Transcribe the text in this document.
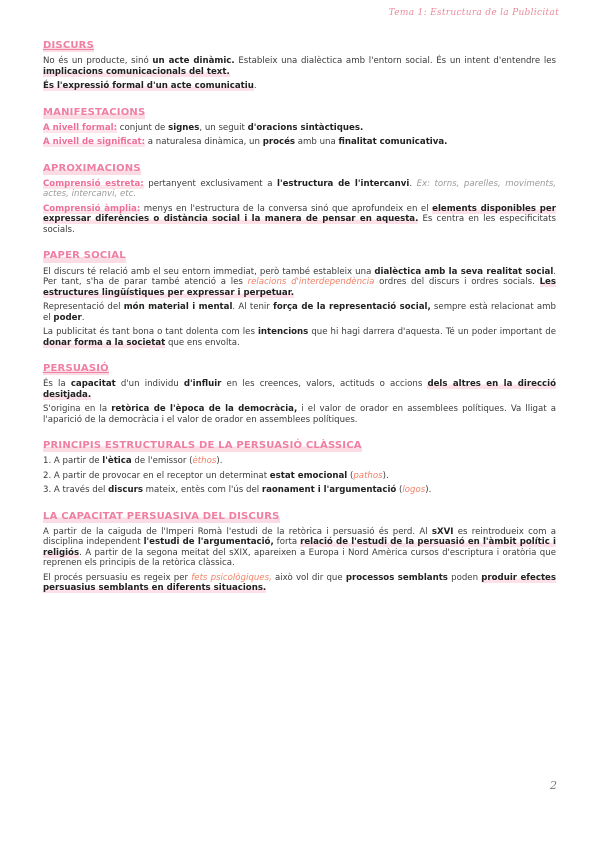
Tema 1: Estructura de la Publicitat
DISCURS

No és un producte, sinó un acte dinàmic. Estableix una dialèctica amb l'entorn social. És un intent d'entendre les implicacions comunicacionals del text.

És l'expressió formal d'un acte comunicatiu.

MANIFESTACIONS

A nivell formal: conjunt de signes, un seguit d'oracions sintàctiques.

A nivell de significat: a naturalesa dinàmica, un procés amb una finalitat comunicativa.

APROXIMACIONS

Comprensió estreta: pertanyent exclusivament a l'estructura de l'intercanvi. Ex: torns, parelles, moviments, actes, intercanvi, etc.

Comprensió àmplia: menys en l'estructura de la conversa sinó que aprofundeix en el elements disponibles per expressar diferències o distància social i la manera de pensar en aquesta. Es centra en les especificitats socials.

PAPER SOCIAL

El discurs té relació amb el seu entorn immediat, però també estableix una dialèctica amb la seva realitat social. Per tant, s'ha de parar també atenció a les relacions d'interdependència ordres del discurs i ordres socials. Les estructures lingüístiques per expressar i perpetuar.

Representació del món material i mental. Al tenir força de la representació social, sempre està relacionat amb el poder.

La publicitat és tant bona o tant dolenta com les intencions que hi hagi darrera d'aquesta. Té un poder important de donar forma a la societat que ens envolta.

PERSUASIÓ

És la capacitat d'un individu d'influir en les creences, valors, actituds o accions dels altres en la direcció desitjada.

S'origina en la retòrica de l'època de la democràcia, i el valor de orador en assemblees polítiques. Va lligat a l'aparició de la democràcia i el valor de orador en assemblees polítiques.

PRINCIPIS ESTRUCTURALS DE LA PERSUASIÓ CLÀSSICA

1. A partir de l'ètica de l'emissor (èthos).

2. A partir de provocar en el receptor un determinat estat emocional (pathos).

3. A través del discurs mateix, entès com l'ús del raonament i l'argumentació (logos).

LA CAPACITAT PERSUASIVA DEL DISCURS

A partir de la caiguda de l'Imperi Romà l'estudi de la retòrica i persuasió és perd. Al sXVI es reintrodueix com a disciplina independent l'estudi de l'argumentació, forta relació de l'estudi de la persuasió en l'àmbit polític i religiós. A partir de la segona meitat del sXIX, apareixen a Europa i Nord Amèrica cursos d'escriptura i oratòria que reprenen els principis de la retòrica clàssica.

El procés persuasiu es regeix per fets psicològiques, això vol dir que processos semblants poden produir efectes persuasius semblants en diferents situacions.

2
